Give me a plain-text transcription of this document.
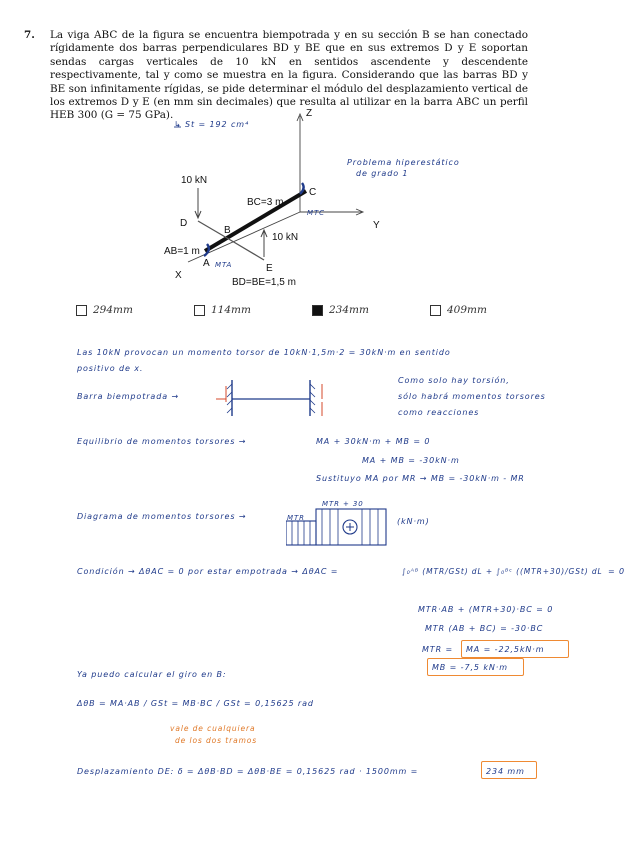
7. La viga ABC de la figura se encuentra biempotrada y en su sección B se han conectado rígidamente dos barras perpendiculares BD y BE que en sus extremos D y E soportan sendas cargas verticales de 10 kN en sentidos ascendente y descendente respectivamente, tal y como se muestra en la figura. Considerando que las barras BD y BE son infinitamente rígidas, se pide determinar el módulo del desplazamiento vertical de los extremos D y E (en mm sin decimales) que resulta al utilizar en la barra ABC un perfil HEB 300 (G = 75 GPa).	Z
Y
X
A
B
C
D
E
10 kN
10 kN
BC=3 m
AB=1 m
BD=BE=1,5 m
MTA
MTC
↳ St = 192 cm⁴
Problema hiperestático
de grado 1
294mm	114mm	234mm	409mm
Las 10kN provocan un momento torsor de 10kN·1,5m·2 = 30kN·m en sentido
positivo de x.
Barra biempotrada →
Como solo hay torsión,
sólo habrá momentos torsores
como reacciones
Equilibrio de momentos torsores →	MA + 30kN·m + MB = 0
MA + MB = -30kN·m
Sustituyo MA por MR → MB = -30kN·m - MR
Diagrama de momentos torsores →
MTR + 30
MTR	(kN·m)
Condición → ΔθAC = 0 por estar empotrada → ΔθAC =	∫₀ᴬᴮ (MTR/GSt) dL + ∫₀ᴮᶜ ((MTR+30)/GSt) dL = 0
MTR·AB + (MTR+30)·BC = 0
MTR (AB + BC) = -30·BC
MTR = MA = -22,5kN·m
MB = -7,5 kN·m
Ya puedo calcular el giro en B:
ΔθB = MA·AB / GSt = MB·BC / GSt = 0,15625 rad
vale de cualquiera
de los dos tramos
Desplazamiento DE: δ = ΔθB·BD = ΔθB·BE = 0,15625 rad · 1500mm =	234 mm
